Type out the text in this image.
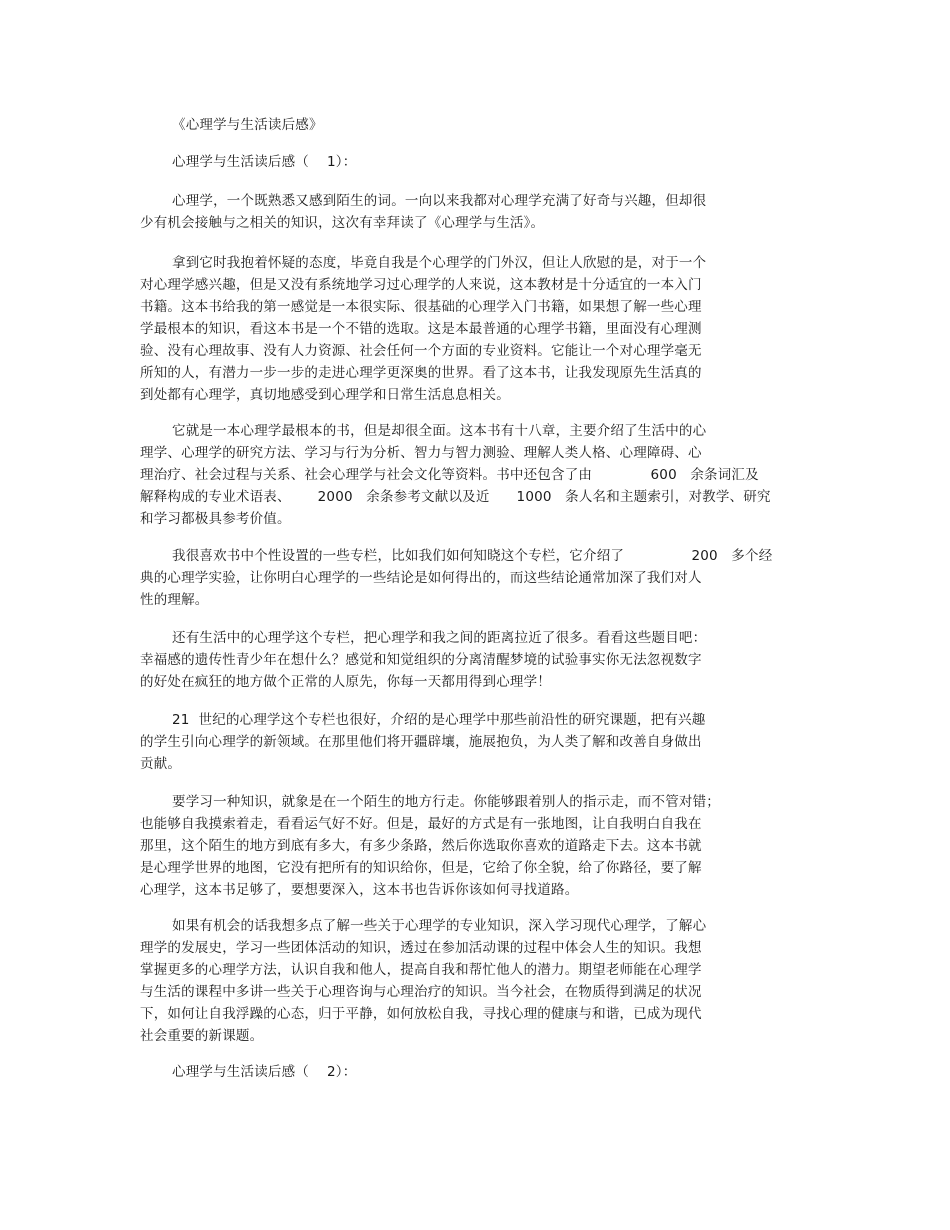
《心理学与生活读后感》

心理学与生活读后感（    1）：

心理学，一个既熟悉又感到陌生的词。一向以来我都对心理学充满了好奇与兴趣，但却很

少有机会接触与之相关的知识，这次有幸拜读了《心理学与生活》。

拿到它时我抱着怀疑的态度，毕竟自我是个心理学的门外汉，但让人欣慰的是，对于一个

对心理学感兴趣，但是又没有系统地学习过心理学的人来说，这本教材是十分适宜的一本入门

书籍。这本书给我的第一感觉是一本很实际、很基础的心理学入门书籍，如果想了解一些心理

学最根本的知识，看这本书是一个不错的选取。这是本最普通的心理学书籍，里面没有心理测

验、没有心理故事、没有人力资源、社会任何一个方面的专业资料。它能让一个对心理学毫无

所知的人，有潜力一步一步的走进心理学更深奥的世界。看了这本书，让我发现原先生活真的

到处都有心理学，真切地感受到心理学和日常生活息息相关。

它就是一本心理学最根本的书，但是却很全面。这本书有十八章，主要介绍了生活中的心

理学、心理学的研究方法、学习与行为分析、智力与智力测验、理解人类人格、心理障碍、心

理治疗、社会过程与关系、社会心理学与社会文化等资料。书中还包含了由             600   余条词汇及

解释构成的专业术语表、      2000   余条参考文献以及近      1000   条人名和主题索引，对教学、研究

和学习都极具参考价值。

我很喜欢书中个性设置的一些专栏，比如我们如何知晓这个专栏，它介绍了               200   多个经

典的心理学实验，让你明白心理学的一些结论是如何得出的，而这些结论通常加深了我们对人

性的理解。

还有生活中的心理学这个专栏，把心理学和我之间的距离拉近了很多。看看这些题目吧：

幸福感的遗传性青少年在想什么？感觉和知觉组织的分离清醒梦境的试验事实你无法忽视数字

的好处在疯狂的地方做个正常的人原先，你每一天都用得到心理学！

21  世纪的心理学这个专栏也很好，介绍的是心理学中那些前沿性的研究课题，把有兴趣

的学生引向心理学的新领域。在那里他们将开疆辟壤，施展抱负，为人类了解和改善自身做出

贡献。

要学习一种知识，就象是在一个陌生的地方行走。你能够跟着别人的指示走，而不管对错；

也能够自我摸索着走，看看运气好不好。但是，最好的方式是有一张地图，让自我明白自我在

那里，这个陌生的地方到底有多大，有多少条路，然后你选取你喜欢的道路走下去。这本书就

是心理学世界的地图，它没有把所有的知识给你，但是，它给了你全貌，给了你路径，要了解

心理学，这本书足够了，要想要深入，这本书也告诉你该如何寻找道路。

如果有机会的话我想多点了解一些关于心理学的专业知识，深入学习现代心理学，了解心

理学的发展史，学习一些团体活动的知识，透过在参加活动课的过程中体会人生的知识。我想

掌握更多的心理学方法，认识自我和他人，提高自我和帮忙他人的潜力。期望老师能在心理学

与生活的课程中多讲一些关于心理咨询与心理治疗的知识。当今社会，在物质得到满足的状况

下，如何让自我浮躁的心态，归于平静，如何放松自我，寻找心理的健康与和谐，已成为现代

社会重要的新课题。

心理学与生活读后感（    2）：
